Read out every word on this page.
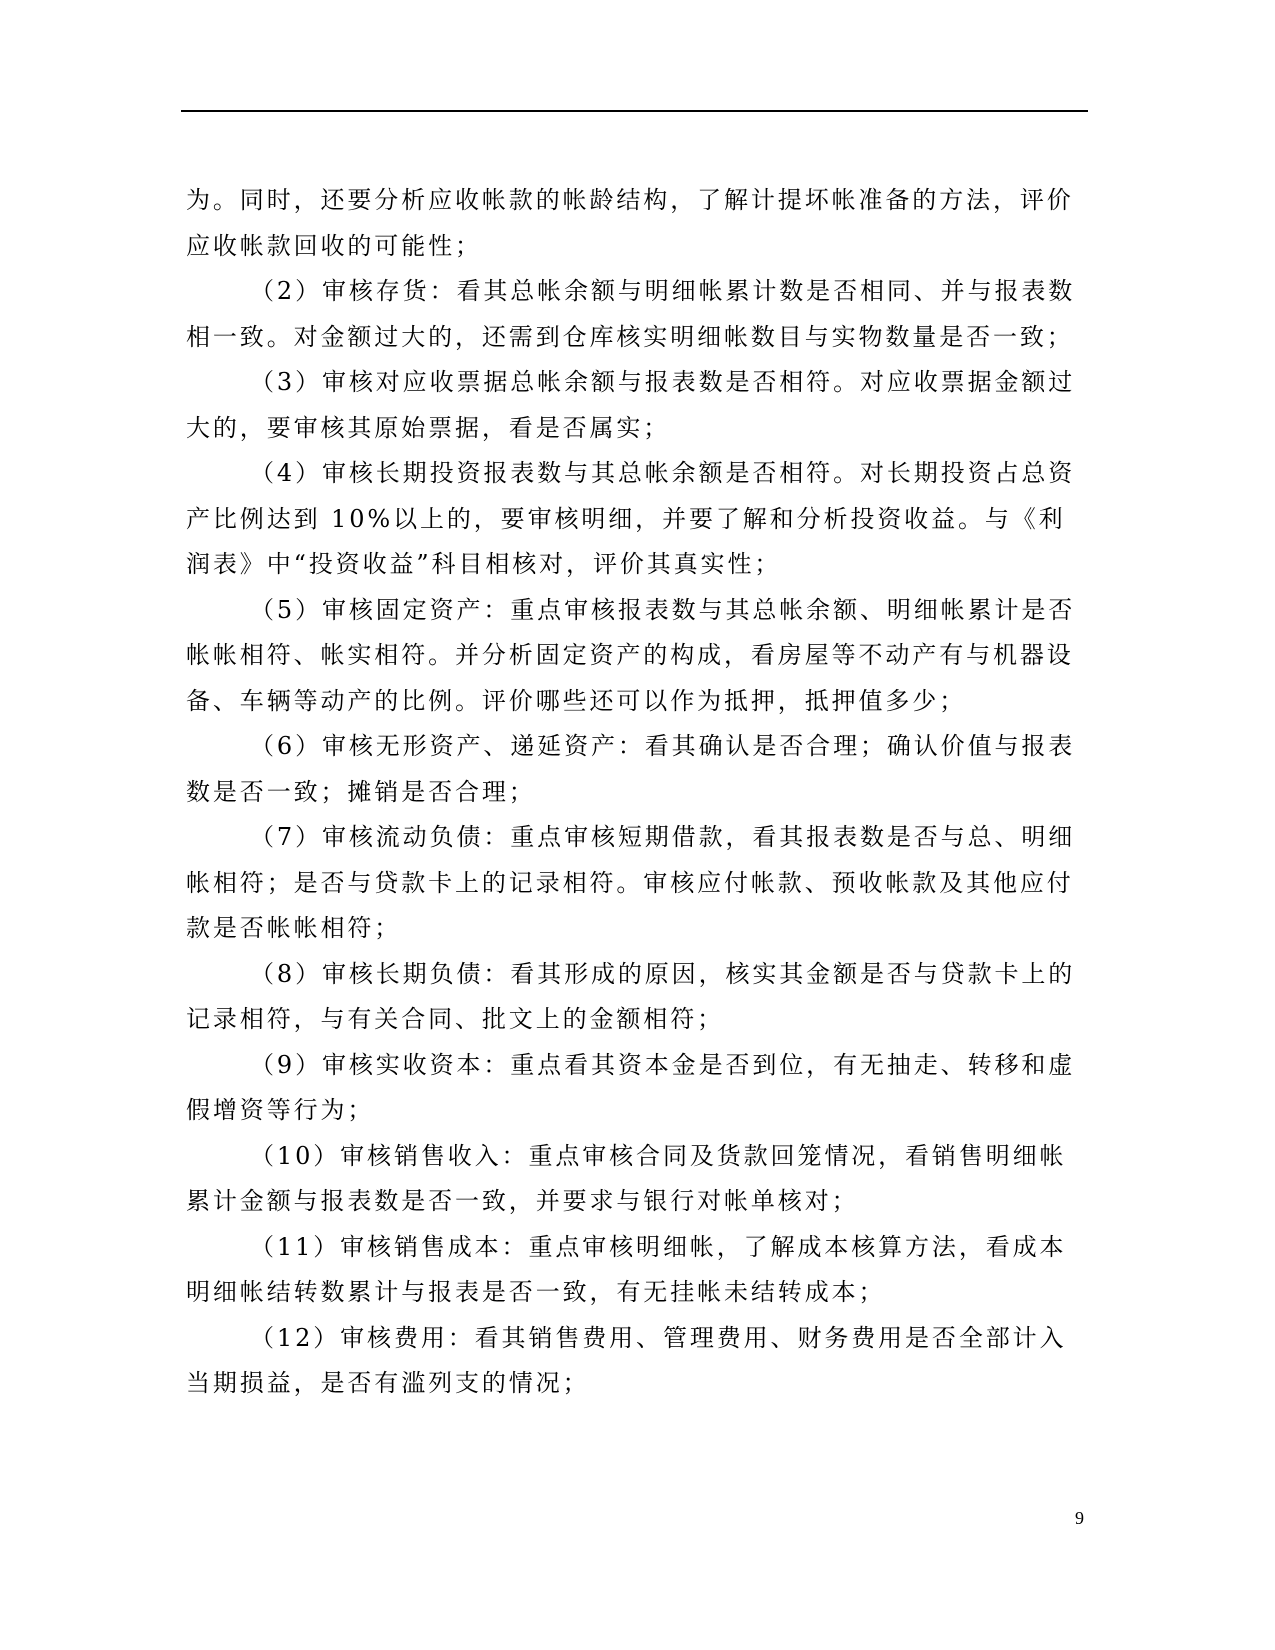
为。同时，还要分析应收帐款的帐龄结构，了解计提坏帐准备的方法，评价
应收帐款回收的可能性；
（2）审核存货：看其总帐余额与明细帐累计数是否相同、并与报表数
相一致。对金额过大的，还需到仓库核实明细帐数目与实物数量是否一致；
（3）审核对应收票据总帐余额与报表数是否相符。对应收票据金额过
大的，要审核其原始票据，看是否属实；
（4）审核长期投资报表数与其总帐余额是否相符。对长期投资占总资
产比例达到 10%以上的，要审核明细，并要了解和分析投资收益。与《利
润表》中“投资收益”科目相核对，评价其真实性；
（5）审核固定资产：重点审核报表数与其总帐余额、明细帐累计是否
帐帐相符、帐实相符。并分析固定资产的构成，看房屋等不动产有与机器设
备、车辆等动产的比例。评价哪些还可以作为抵押，抵押值多少；
（6）审核无形资产、递延资产：看其确认是否合理；确认价值与报表
数是否一致；摊销是否合理；
（7）审核流动负债：重点审核短期借款，看其报表数是否与总、明细
帐相符；是否与贷款卡上的记录相符。审核应付帐款、预收帐款及其他应付
款是否帐帐相符；
（8）审核长期负债：看其形成的原因，核实其金额是否与贷款卡上的
记录相符，与有关合同、批文上的金额相符；
（9）审核实收资本：重点看其资本金是否到位，有无抽走、转移和虚
假增资等行为；
（10）审核销售收入：重点审核合同及货款回笼情况，看销售明细帐
累计金额与报表数是否一致，并要求与银行对帐单核对；
（11）审核销售成本：重点审核明细帐，了解成本核算方法，看成本
明细帐结转数累计与报表是否一致，有无挂帐未结转成本；
（12）审核费用：看其销售费用、管理费用、财务费用是否全部计入
当期损益，是否有滥列支的情况；
9
